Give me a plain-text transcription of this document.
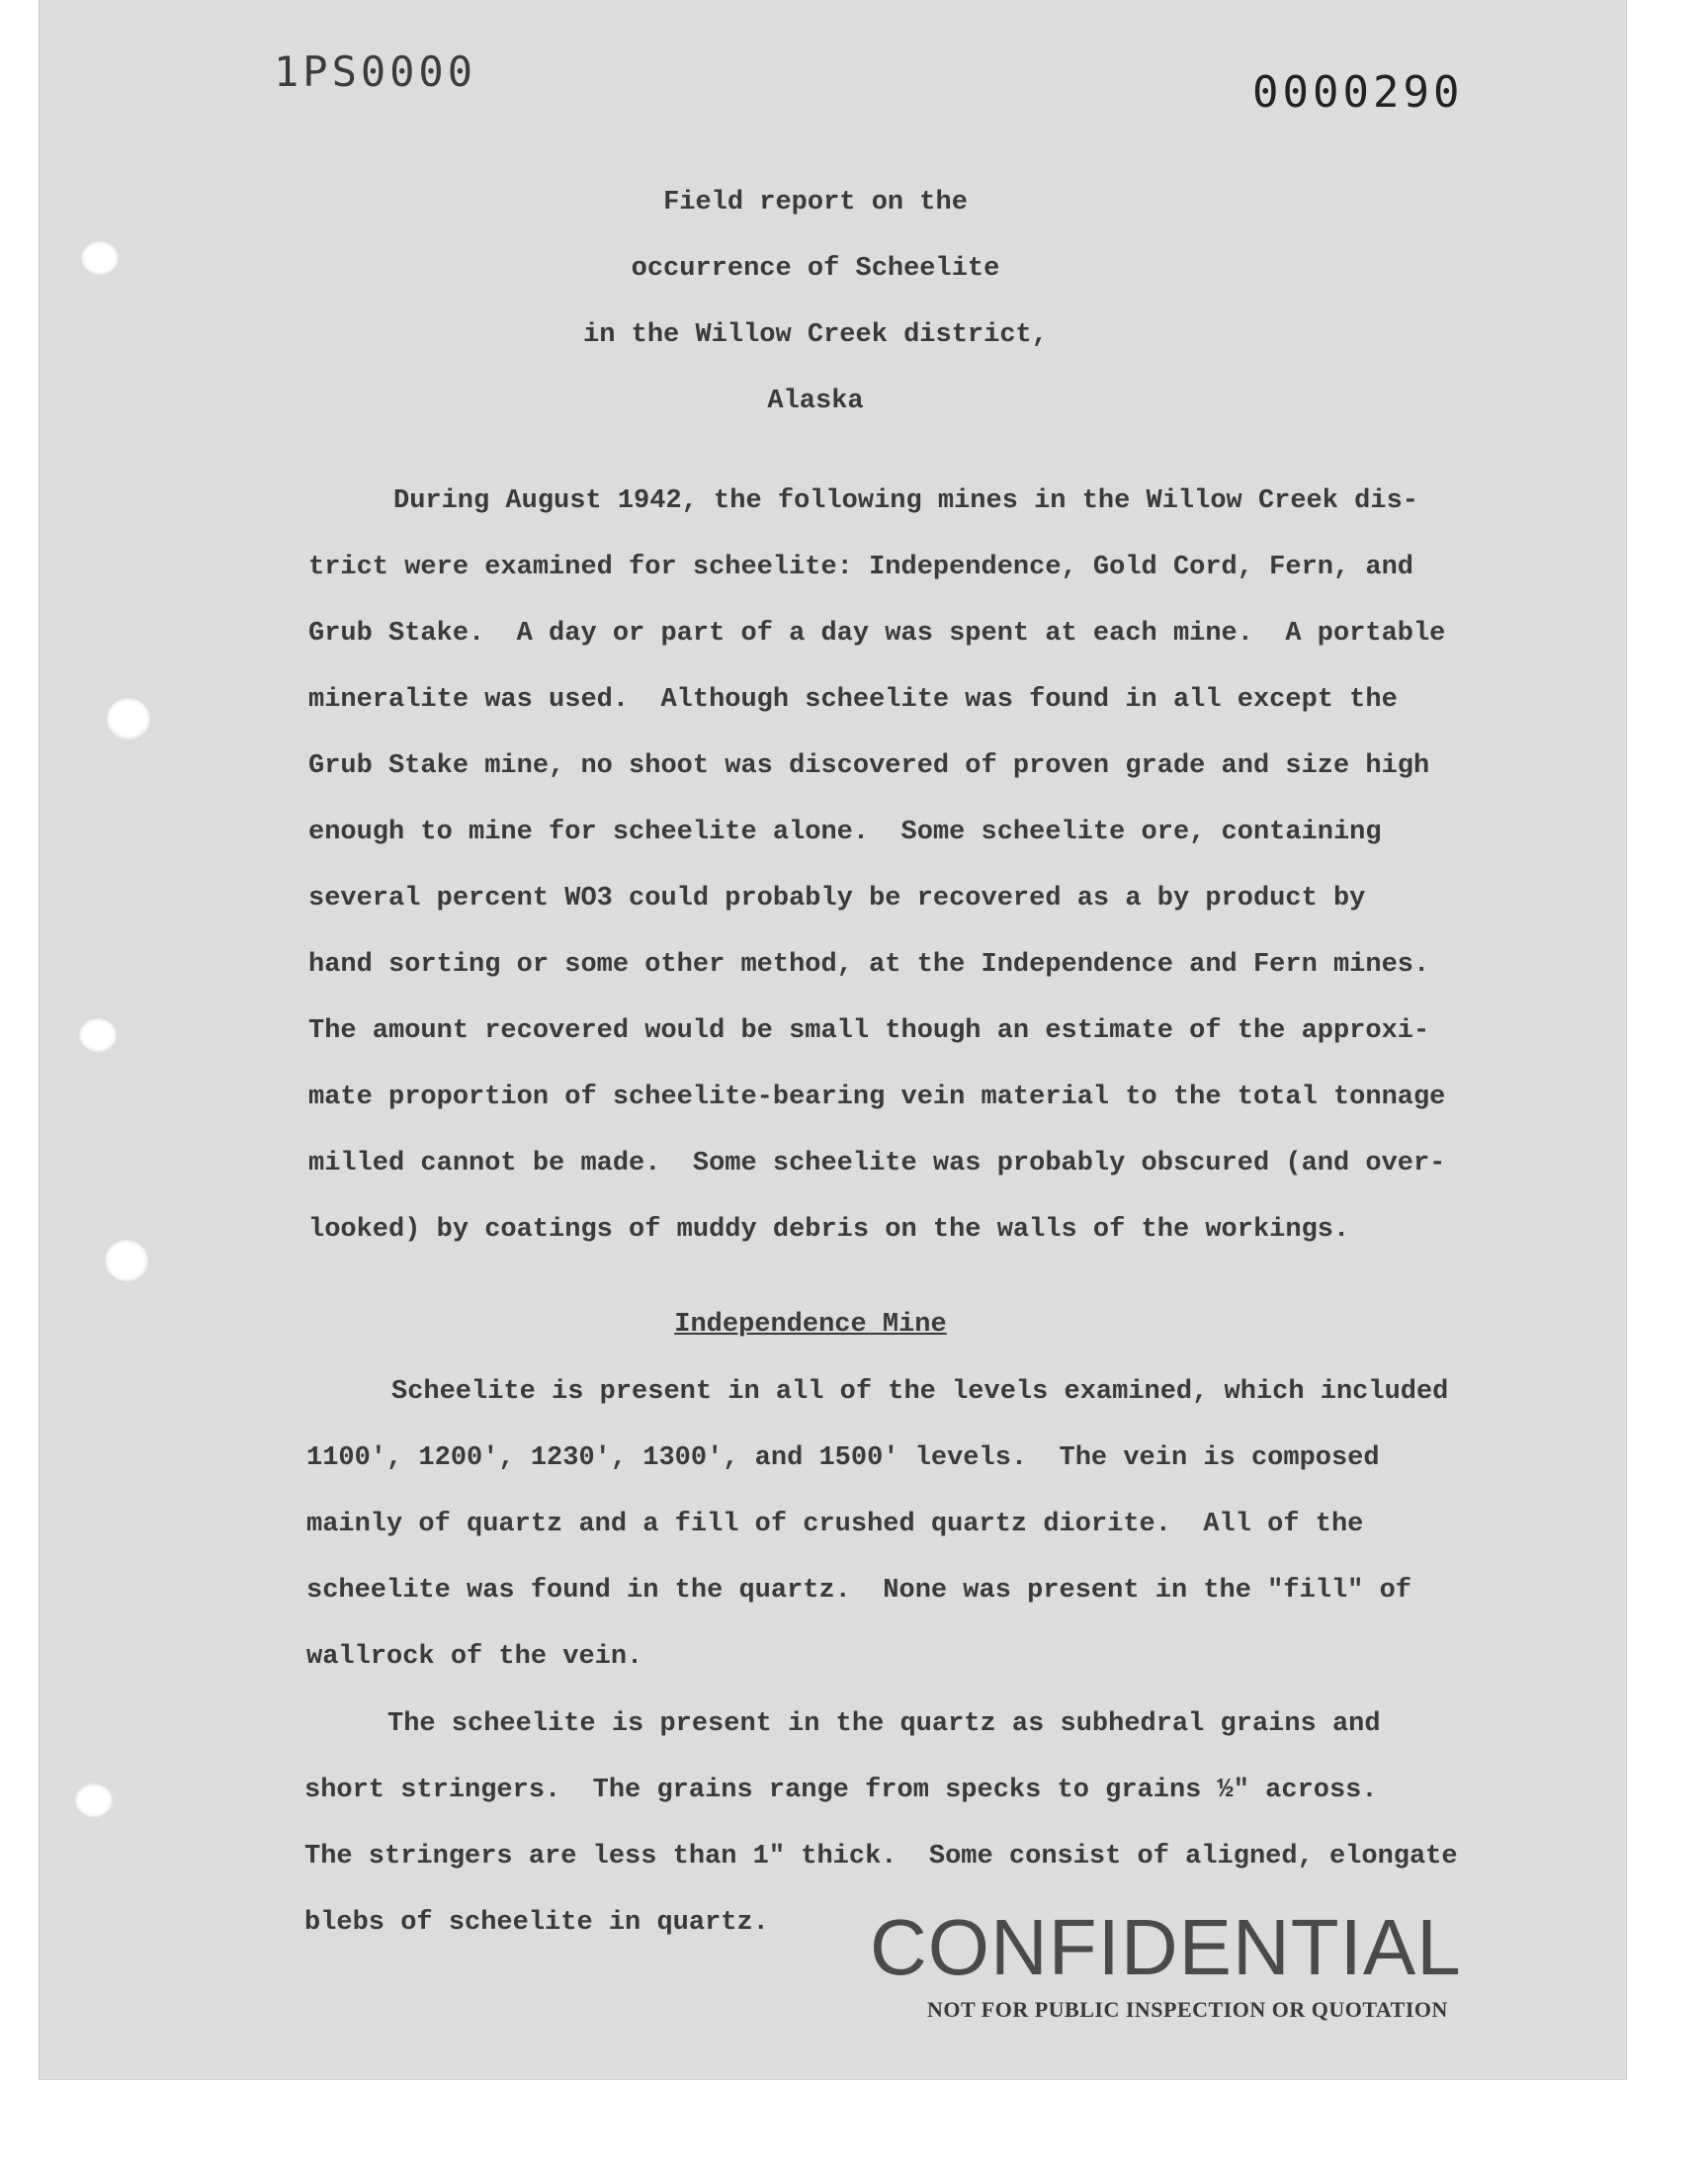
1PS0000	0000290
Field report on the
occurrence of Scheelite
in the Willow Creek district,
Alaska
During August 1942, the following mines in the Willow Creek dis-
trict were examined for scheelite: Independence, Gold Cord, Fern, and
Grub Stake.  A day or part of a day was spent at each mine.  A portable
mineralite was used.  Although scheelite was found in all except the
Grub Stake mine, no shoot was discovered of proven grade and size high
enough to mine for scheelite alone.  Some scheelite ore, containing
several percent WO3 could probably be recovered as a by product by
hand sorting or some other method, at the Independence and Fern mines.
The amount recovered would be small though an estimate of the approxi-
mate proportion of scheelite-bearing vein material to the total tonnage
milled cannot be made.  Some scheelite was probably obscured (and over-
looked) by coatings of muddy debris on the walls of the workings.
Independence Mine
Scheelite is present in all of the levels examined, which included
1100', 1200', 1230', 1300', and 1500' levels.  The vein is composed
mainly of quartz and a fill of crushed quartz diorite.  All of the
scheelite was found in the quartz.  None was present in the "fill" of
wallrock of the vein.
The scheelite is present in the quartz as subhedral grains and
short stringers.  The grains range from specks to grains ½" across.
The stringers are less than 1" thick.  Some consist of aligned, elongate
blebs of scheelite in quartz. CONFIDENTIAL
NOT FOR PUBLIC INSPECTION OR QUOTATION
